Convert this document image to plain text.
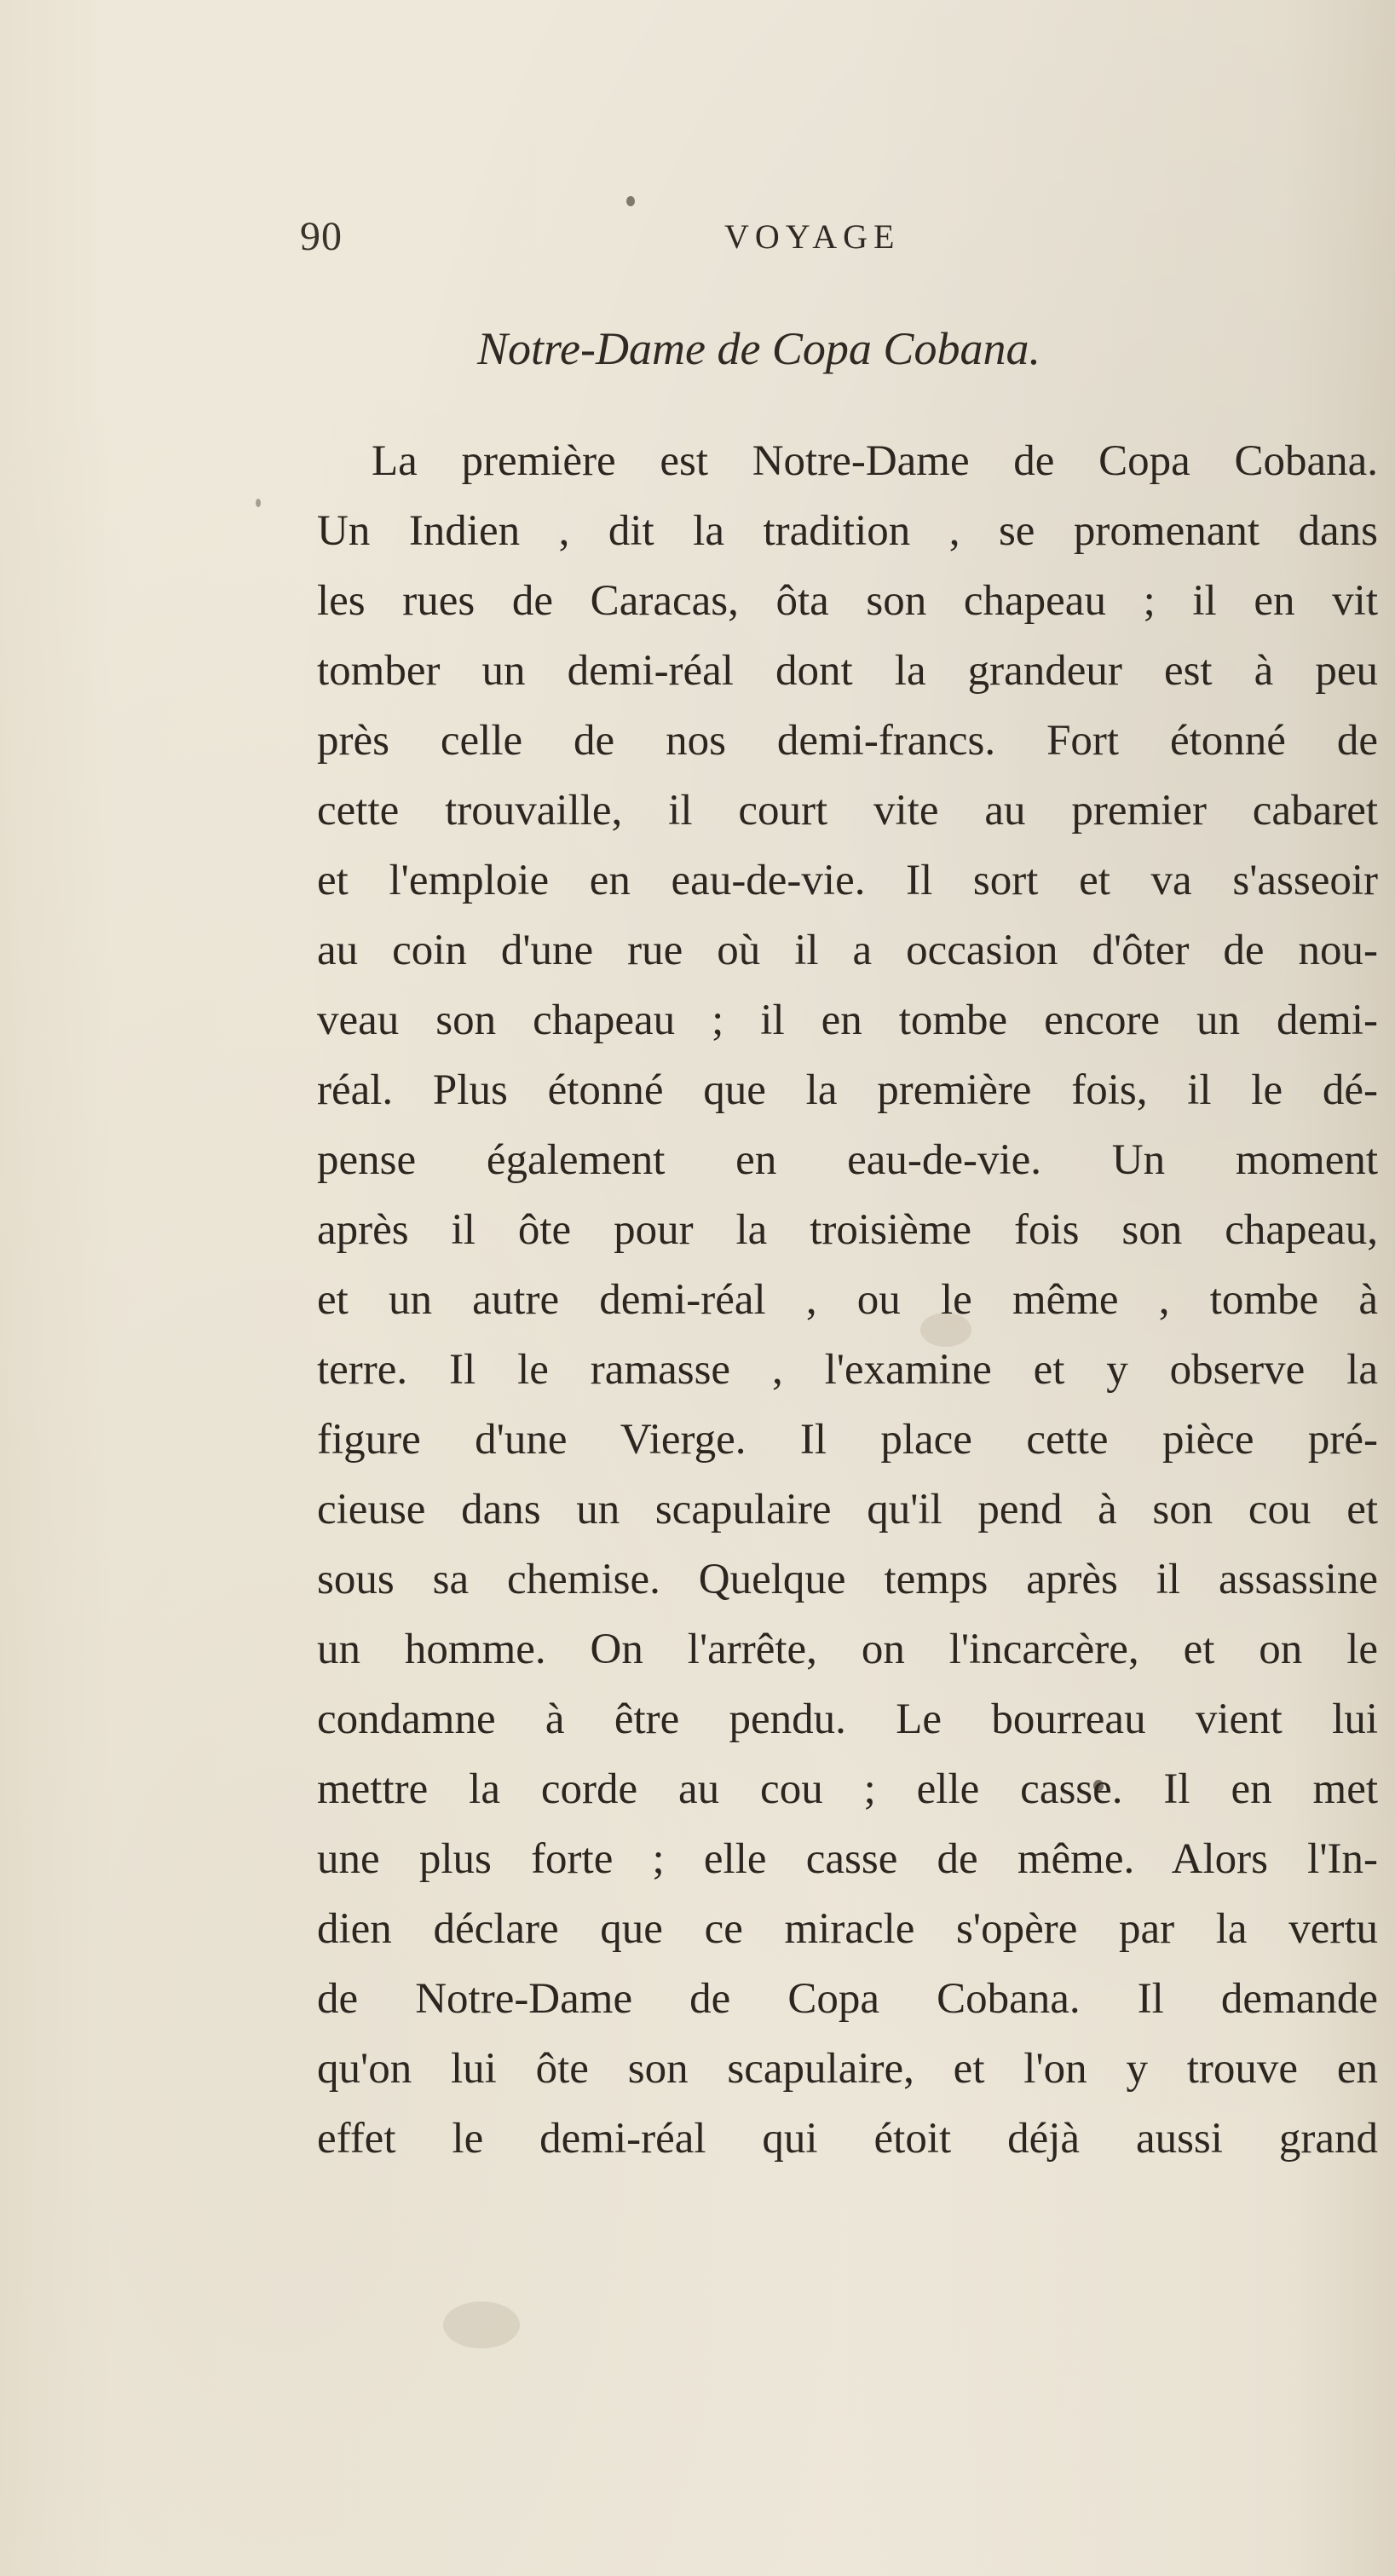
90	VOYAGE
Notre-Dame de Copa Cobana.
La première est Notre-Dame de Copa Cobana.
Un Indien , dit la tradition , se promenant dans
les rues de Caracas, ôta son chapeau ; il en vit
tomber un demi-réal dont la grandeur est à peu
près celle de nos demi-francs. Fort étonné de
cette trouvaille, il court vite au premier cabaret
et l'emploie en eau-de-vie. Il sort et va s'asseoir
au coin d'une rue où il a occasion d'ôter de nou-
veau son chapeau ; il en tombe encore un demi-
réal. Plus étonné que la première fois, il le dé-
pense également en eau-de-vie. Un moment
après il ôte pour la troisième fois son chapeau,
et un autre demi-réal , ou le même , tombe à
terre. Il le ramasse , l'examine et y observe la
figure d'une Vierge. Il place cette pièce pré-
cieuse dans un scapulaire qu'il pend à son cou et
sous sa chemise. Quelque temps après il assassine
un homme. On l'arrête, on l'incarcère, et on le
condamne à être pendu. Le bourreau vient lui
mettre la corde au cou ; elle casse. Il en met
une plus forte ; elle casse de même. Alors l'In-
dien déclare que ce miracle s'opère par la vertu
de Notre-Dame de Copa Cobana. Il demande
qu'on lui ôte son scapulaire, et l'on y trouve en
effet le demi-réal qui étoit déjà aussi grand
